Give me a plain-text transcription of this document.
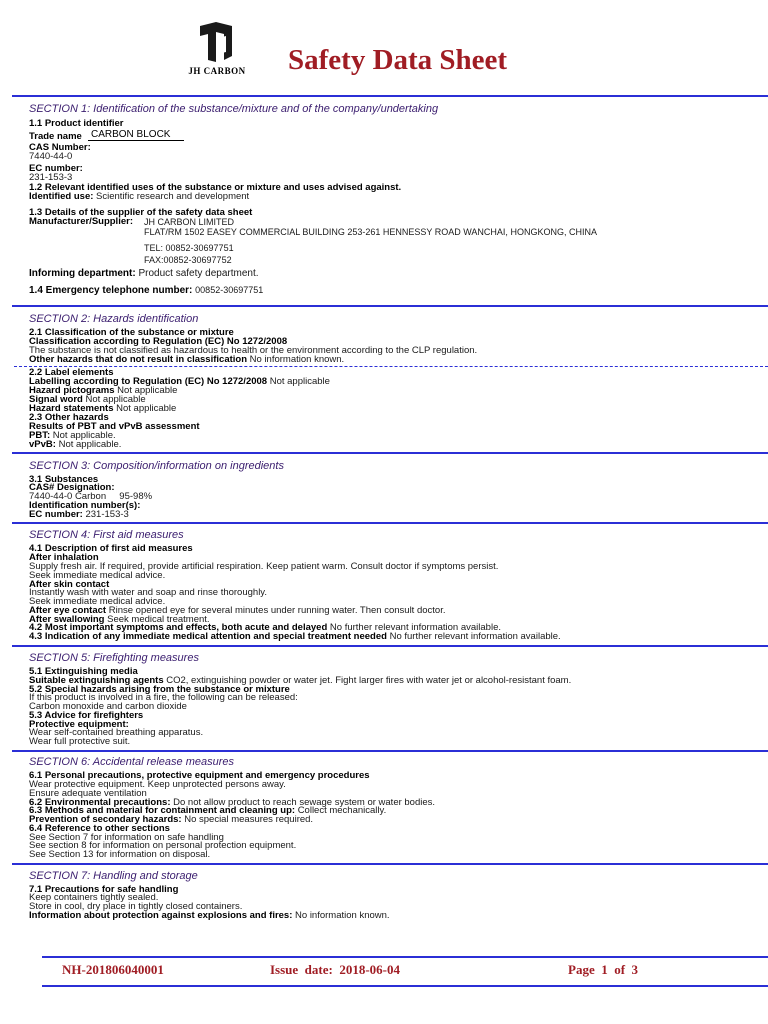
JH CARBON	Safety Data Sheet
SECTION 1: Identification of the substance/mixture and of the company/undertaking
1.1 Product identifier
Trade name CARBON BLOCK
CAS Number:
7440-44-0
EC number:
231-153-3
1.2 Relevant identified uses of the substance or mixture and uses advised against.
Identified use: Scientific research and development
1.3 Details of the supplier of the safety data sheet
Manufacturer/Supplier: JH CARBON LIMITED
FLAT/RM 1502 EASEY COMMERCIAL BUILDING 253-261 HENNESSY ROAD WANCHAI, HONGKONG, CHINA
TEL: 00852-30697751
FAX:00852-30697752
Informing department: Product safety department.
1.4 Emergency telephone number: 00852-30697751
SECTION 2: Hazards identification
2.1 Classification of the substance or mixture
Classification according to Regulation (EC) No 1272/2008
The substance is not classified as hazardous to health or the environment according to the CLP regulation.
Other hazards that do not result in classification No information known.
2.2 Label elements
Labelling according to Regulation (EC) No 1272/2008 Not applicable
Hazard pictograms Not applicable
Signal word Not applicable
Hazard statements Not applicable
2.3 Other hazards
Results of PBT and vPvB assessment
PBT: Not applicable.
vPvB: Not applicable.
SECTION 3: Composition/information on ingredients
3.1 Substances
CAS# Designation:
7440-44-0 Carbon     95-98%
Identification number(s):
EC number: 231-153-3
SECTION 4: First aid measures
4.1 Description of first aid measures
After inhalation
Supply fresh air. If required, provide artificial respiration. Keep patient warm. Consult doctor if symptoms persist.
Seek immediate medical advice.
After skin contact
Instantly wash with water and soap and rinse thoroughly.
Seek immediate medical advice.
After eye contact Rinse opened eye for several minutes under running water. Then consult doctor.
After swallowing Seek medical treatment.
4.2 Most important symptoms and effects, both acute and delayed No further relevant information available.
4.3 Indication of any immediate medical attention and special treatment needed No further relevant information available.
SECTION 5: Firefighting measures
5.1 Extinguishing media
Suitable extinguishing agents CO2, extinguishing powder or water jet. Fight larger fires with water jet or alcohol-resistant foam.
5.2 Special hazards arising from the substance or mixture
If this product is involved in a fire, the following can be released:
Carbon monoxide and carbon dioxide
5.3 Advice for firefighters
Protective equipment:
Wear self-contained breathing apparatus.
Wear full protective suit.
SECTION 6: Accidental release measures
6.1 Personal precautions, protective equipment and emergency procedures
Wear protective equipment. Keep unprotected persons away.
Ensure adequate ventilation
6.2 Environmental precautions: Do not allow product to reach sewage system or water bodies.
6.3 Methods and material for containment and cleaning up: Collect mechanically.
Prevention of secondary hazards: No special measures required.
6.4 Reference to other sections
See Section 7 for information on safe handling
See section 8 for information on personal protection equipment.
See Section 13 for information on disposal.
SECTION 7: Handling and storage
7.1 Precautions for safe handling
Keep containers tightly sealed.
Store in cool, dry place in tightly closed containers.
Information about protection against explosions and fires: No information known.
NH-201806040001	Issue  date:  2018-06-04	Page  1  of  3
